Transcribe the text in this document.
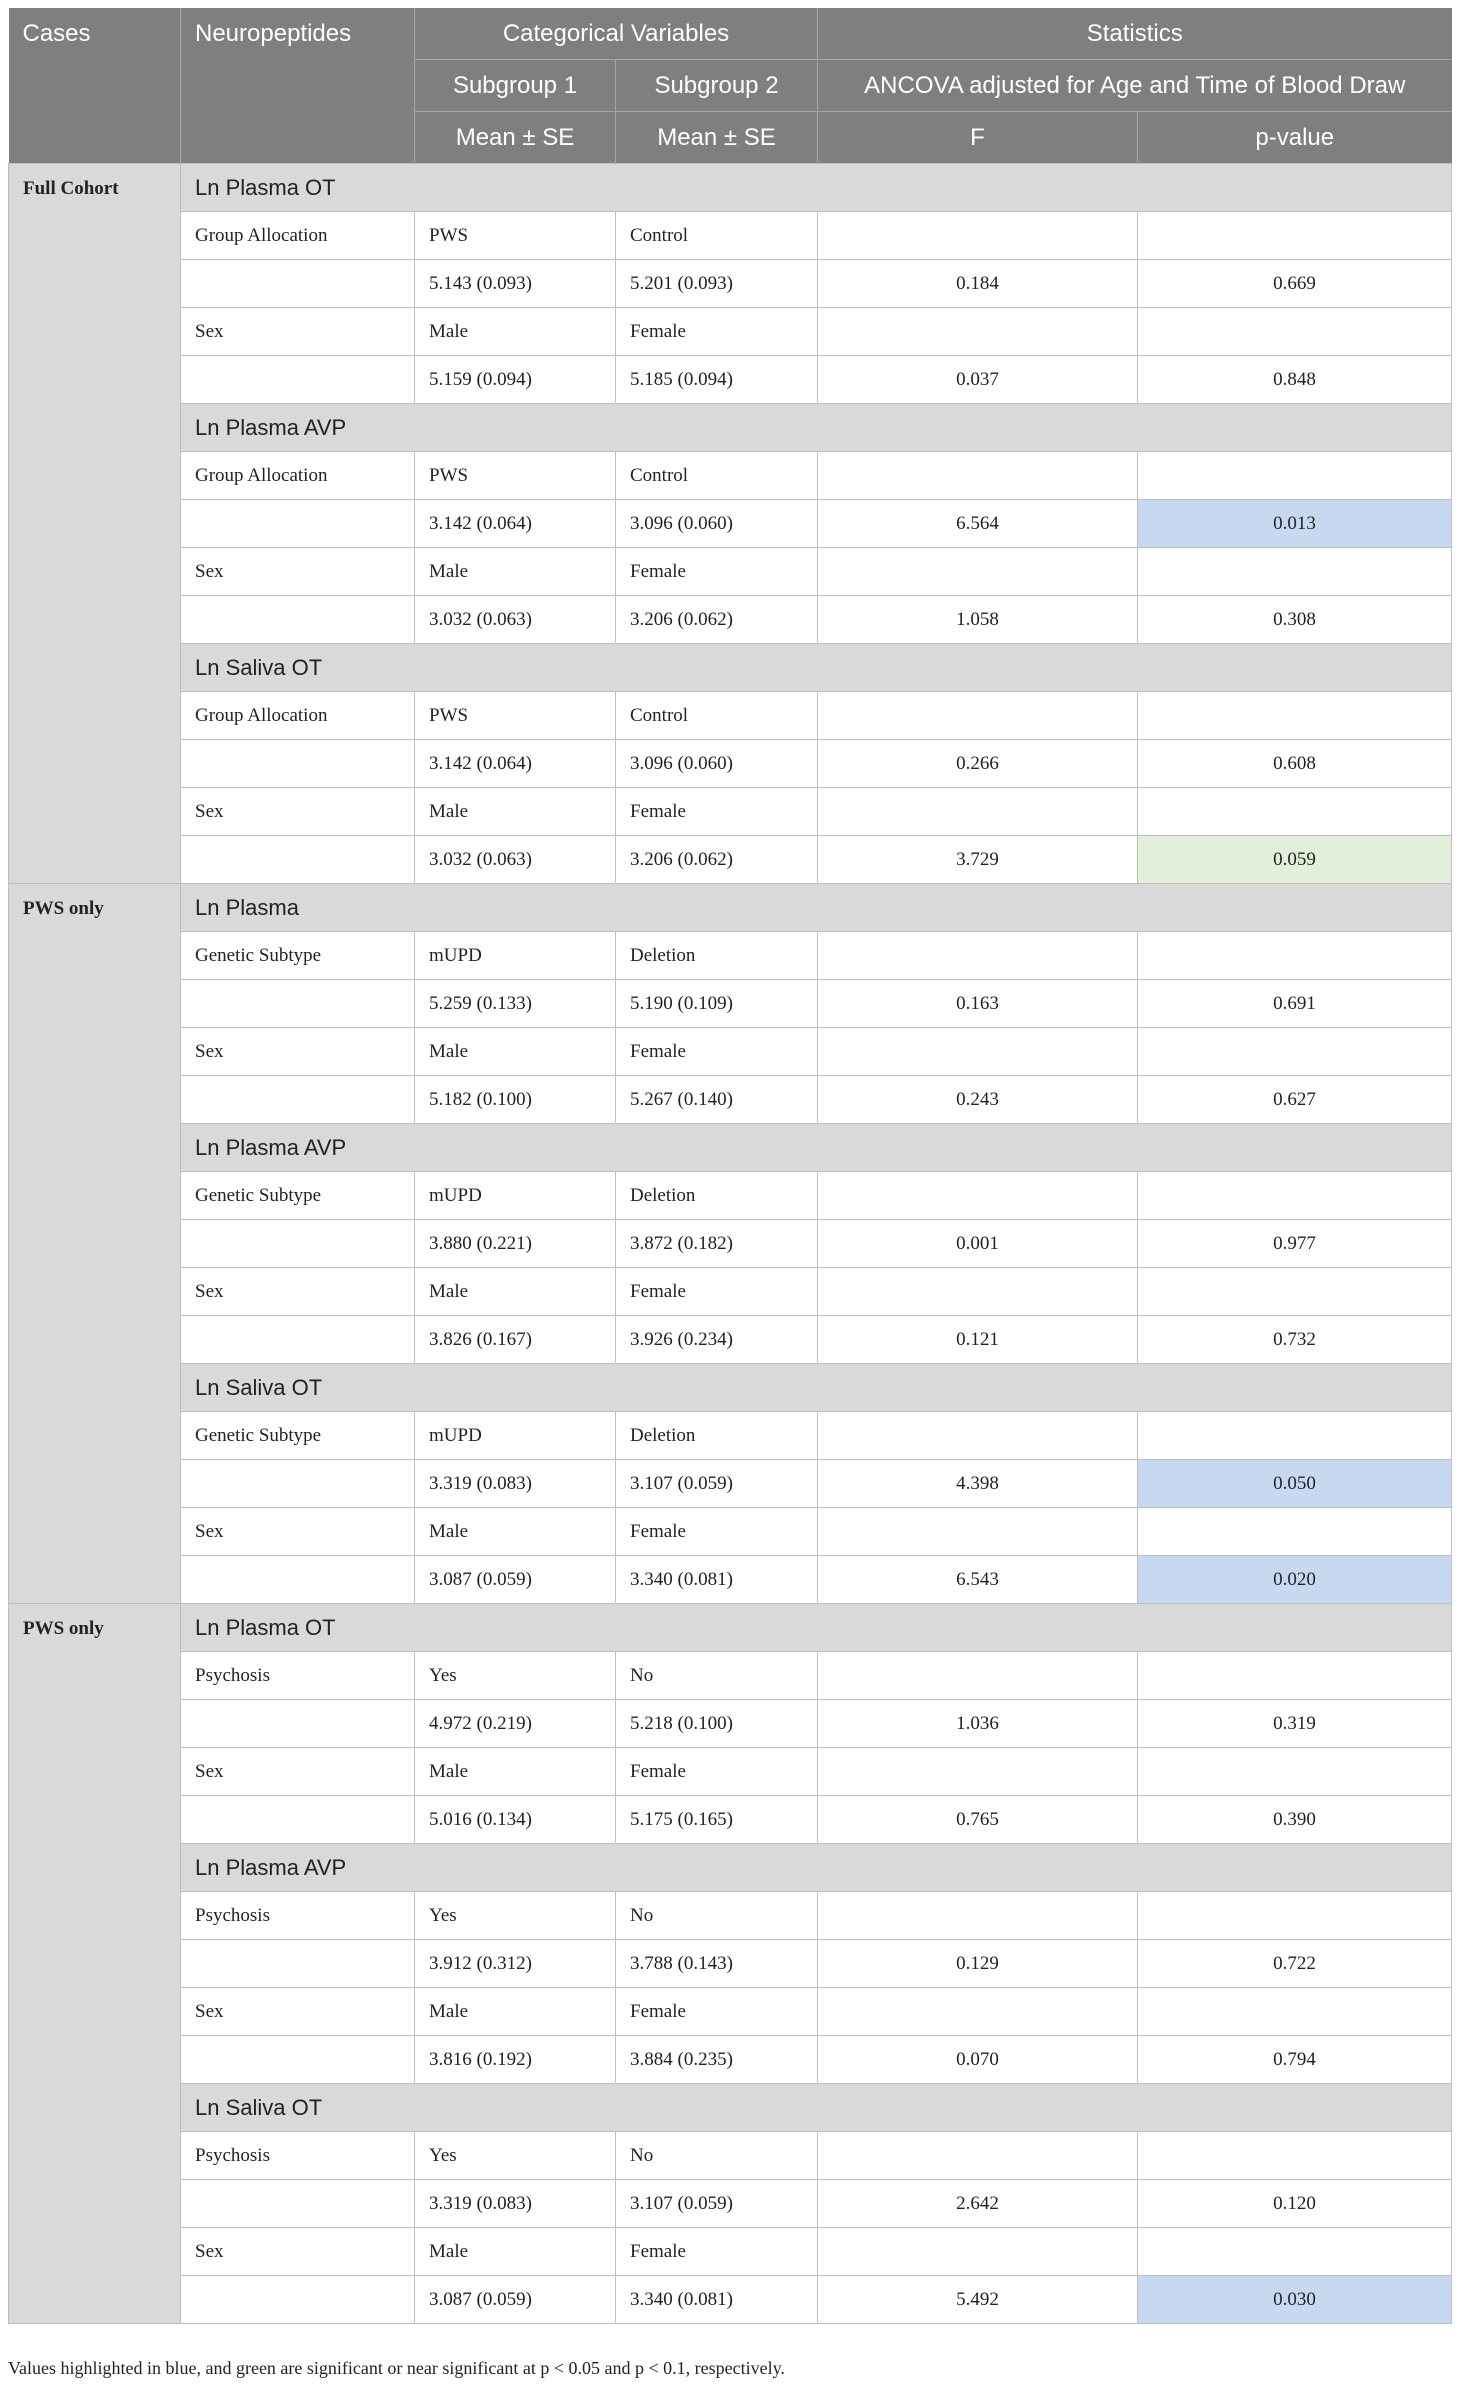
Cases	Neuropeptides	Categorical Variables		Statistics	
		Subgroup 1	Subgroup 2	ANCOVA adjusted for Age and Time of Blood Draw	
		Mean ± SE	Mean ± SE	F	p-value
Full Cohort	Ln Plasma OT				
	Group Allocation	PWS	Control		
		5.143 (0.093)	5.201 (0.093)	0.184	0.669
	Sex	Male	Female		
		5.159 (0.094)	5.185 (0.094)	0.037	0.848
	Ln Plasma AVP				
	Group Allocation	PWS	Control		
		3.142 (0.064)	3.096 (0.060)	6.564	0.013
	Sex	Male	Female		
		3.032 (0.063)	3.206 (0.062)	1.058	0.308
	Ln Saliva OT				
	Group Allocation	PWS	Control		
		3.142 (0.064)	3.096 (0.060)	0.266	0.608
	Sex	Male	Female		
		3.032 (0.063)	3.206 (0.062)	3.729	0.059
PWS only	Ln Plasma				
	Genetic Subtype	mUPD	Deletion		
		5.259 (0.133)	5.190 (0.109)	0.163	0.691
	Sex	Male	Female		
		5.182 (0.100)	5.267 (0.140)	0.243	0.627
	Ln Plasma AVP				
	Genetic Subtype	mUPD	Deletion		
		3.880 (0.221)	3.872 (0.182)	0.001	0.977
	Sex	Male	Female		
		3.826 (0.167)	3.926 (0.234)	0.121	0.732
	Ln Saliva OT				
	Genetic Subtype	mUPD	Deletion		
		3.319 (0.083)	3.107 (0.059)	4.398	0.050
	Sex	Male	Female		
		3.087 (0.059)	3.340 (0.081)	6.543	0.020
PWS only	Ln Plasma OT				
	Psychosis	Yes	No		
		4.972 (0.219)	5.218 (0.100)	1.036	0.319
	Sex	Male	Female		
		5.016 (0.134)	5.175 (0.165)	0.765	0.390
	Ln Plasma AVP				
	Psychosis	Yes	No		
		3.912 (0.312)	3.788 (0.143)	0.129	0.722
	Sex	Male	Female		
		3.816 (0.192)	3.884 (0.235)	0.070	0.794
	Ln Saliva OT				
	Psychosis	Yes	No		
		3.319 (0.083)	3.107 (0.059)	2.642	0.120
	Sex	Male	Female		
		3.087 (0.059)	3.340 (0.081)	5.492	0.030
Values highlighted in blue, and green are significant or near significant at p < 0.05 and p < 0.1, respectively.
